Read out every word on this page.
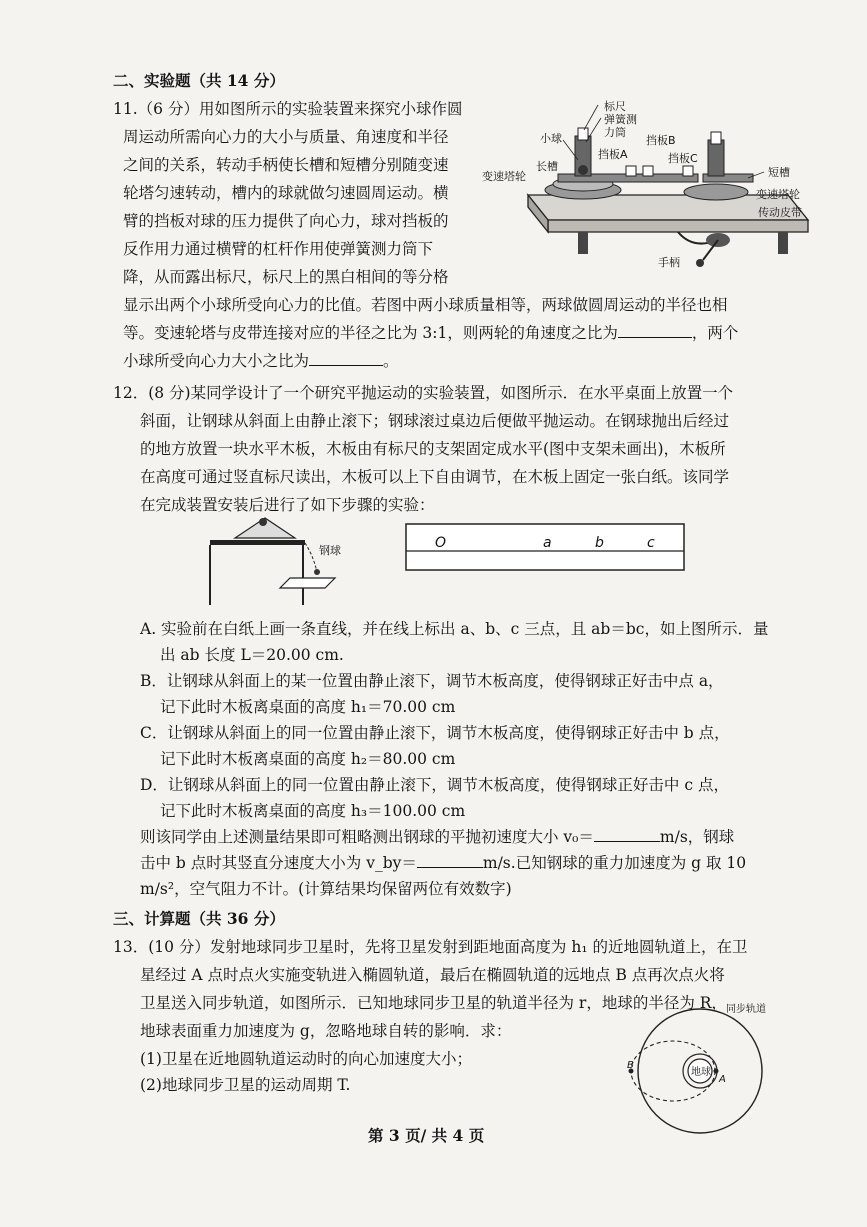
二、实验题（共 14 分）
11.（6 分）用如图所示的实验装置来探究小球作圆
周运动所需向心力的大小与质量、角速度和半径
之间的关系，转动手柄使长槽和短槽分别随变速
轮塔匀速转动，槽内的球就做匀速圆周运动。横
臂的挡板对球的压力提供了向心力，球对挡板的
反作用力通过横臂的杠杆作用使弹簧测力筒下
降，从而露出标尺，标尺上的黑白相间的等分格
显示出两个小球所受向心力的比值。若图中两小球质量相等，两球做圆周运动的半径也相
等。变速轮塔与皮带连接对应的半径之比为 3:1，则两轮的角速度之比为	，两个
小球所受向心力大小之比为	。
标尺
弹簧测
力筒
小球
挡板A
挡板B
挡板C
长槽	短槽
变速塔轮
变速塔轮
传动皮带
手柄
12．(8 分)某同学设计了一个研究平抛运动的实验装置，如图所示．在水平桌面上放置一个
斜面，让钢球从斜面上由静止滚下；钢球滚过桌边后便做平抛运动。在钢球抛出后经过
的地方放置一块水平木板，木板由有标尺的支架固定成水平(图中支架未画出)，木板所
在高度可通过竖直标尺读出，木板可以上下自由调节，在木板上固定一张白纸。该同学
在完成装置安装后进行了如下步骤的实验：
钢球	O	a	b	c
A. 实验前在白纸上画一条直线，并在线上标出 a、b、c 三点，且 ab＝bc，如上图所示．量
出 ab 长度 L＝20.00 cm.
B．让钢球从斜面上的某一位置由静止滚下，调节木板高度，使得钢球正好击中点 a，
记下此时木板离桌面的高度 h₁＝70.00 cm
C．让钢球从斜面上的同一位置由静止滚下，调节木板高度，使得钢球正好击中 b 点，
记下此时木板离桌面的高度 h₂＝80.00 cm
D．让钢球从斜面上的同一位置由静止滚下，调节木板高度，使得钢球正好击中 c 点，
记下此时木板离桌面的高度 h₃＝100.00 cm
则该同学由上述测量结果即可粗略测出钢球的平抛初速度大小 v₀＝	m/s，钢球
击中 b 点时其竖直分速度大小为 v_by＝	m/s.已知钢球的重力加速度为 g 取 10
m/s²，空气阻力不计。(计算结果均保留两位有效数字)
三、计算题（共 36 分）
13．(10 分）发射地球同步卫星时，先将卫星发射到距地面高度为 h₁ 的近地圆轨道上，在卫
星经过 A 点时点火实施变轨进入椭圆轨道，最后在椭圆轨道的远地点 B 点再次点火将
卫星送入同步轨道，如图所示．已知地球同步卫星的轨道半径为 r，地球的半径为 R，
地球表面重力加速度为 g，忽略地球自转的影响．求：
(1)卫星在近地圆轨道运动时的向心加速度大小；
(2)地球同步卫星的运动周期 T.
地球
A
B
同步轨道
第 3 页/ 共 4 页
